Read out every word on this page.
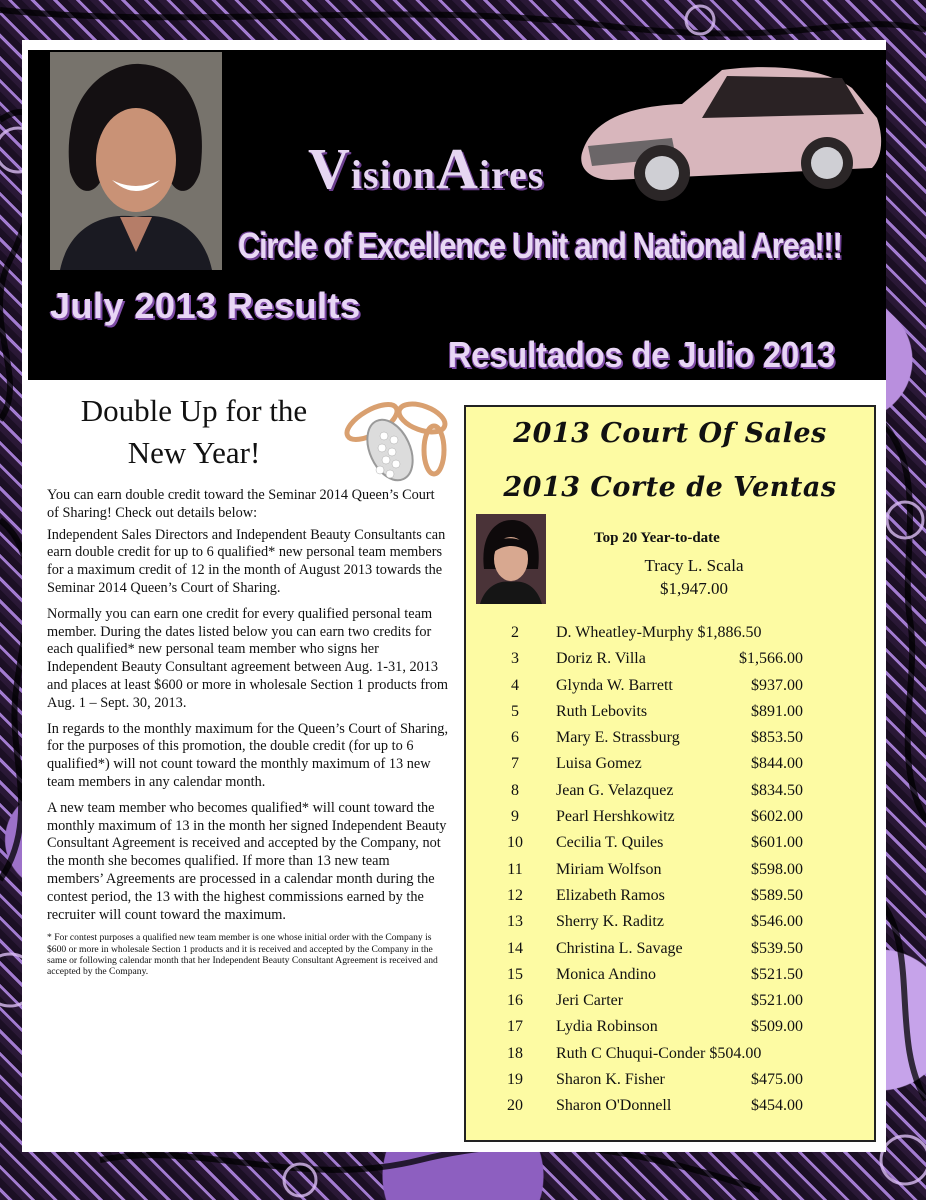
VisionAires
Circle of Excellence Unit and National Area!!!
July 2013 Results
Resultados de Julio 2013
Double Up for the
New Year!

You can earn double credit toward the Seminar 2014 Queen’s Court of Sharing! Check out details below:

Independent Sales Directors and Independent Beauty Consultants can earn double credit for up to 6 qualified* new personal team members for a maximum credit of 12 in the month of August 2013 towards the Seminar 2014 Queen’s Court of Sharing.

Normally you can earn one credit for every qualified personal team member. During the dates listed below you can earn two credits for each qualified* new personal team member who signs her Independent Beauty Consultant agreement between Aug. 1-31, 2013 and places at least $600 or more in wholesale Section 1 products from Aug. 1 – Sept. 30, 2013.

In regards to the monthly maximum for the Queen’s Court of Sharing, for the purposes of this promotion, the double credit (for up to 6 qualified*) will not count toward the monthly maximum of 13 new team members in any calendar month.

A new team member who becomes qualified* will count toward the monthly maximum of 13 in the month her signed Independent Beauty Consultant Agreement is received and accepted by the Company, not the month she becomes qualified. If more than 13 new team members’ Agreements are processed in a calendar month during the contest period, the 13 with the highest commissions earned by the recruiter will count toward the maximum.

* For contest purposes a qualified new team member is one whose initial order with the Company is $600 or more in wholesale Section 1 products and it is received and accepted by the Company in the same or following calendar month that her Independent Beauty Consultant Agreement is received and accepted by the Company.
2013 Court Of Sales
2013 Corte de Ventas
Top 20 Year-to-date
Tracy L. Scala
$1,947.00
2	D. Wheatley-Murphy $1,886.50
3	Doriz R. Villa	$1,566.00
4	Glynda W. Barrett	$937.00
5	Ruth Lebovits	$891.00
6	Mary E. Strassburg	$853.50
7	Luisa Gomez	$844.00
8	Jean G. Velazquez	$834.50
9	Pearl Hershkowitz	$602.00
10	Cecilia T. Quiles	$601.00
11	Miriam Wolfson	$598.00
12	Elizabeth Ramos	$589.50
13	Sherry K. Raditz	$546.00
14	Christina L. Savage	$539.50
15	Monica Andino	$521.50
16	Jeri Carter	$521.00
17	Lydia Robinson	$509.00
18	Ruth C Chuqui-Conder $504.00
19	Sharon K. Fisher	$475.00
20	Sharon O'Donnell	$454.00
